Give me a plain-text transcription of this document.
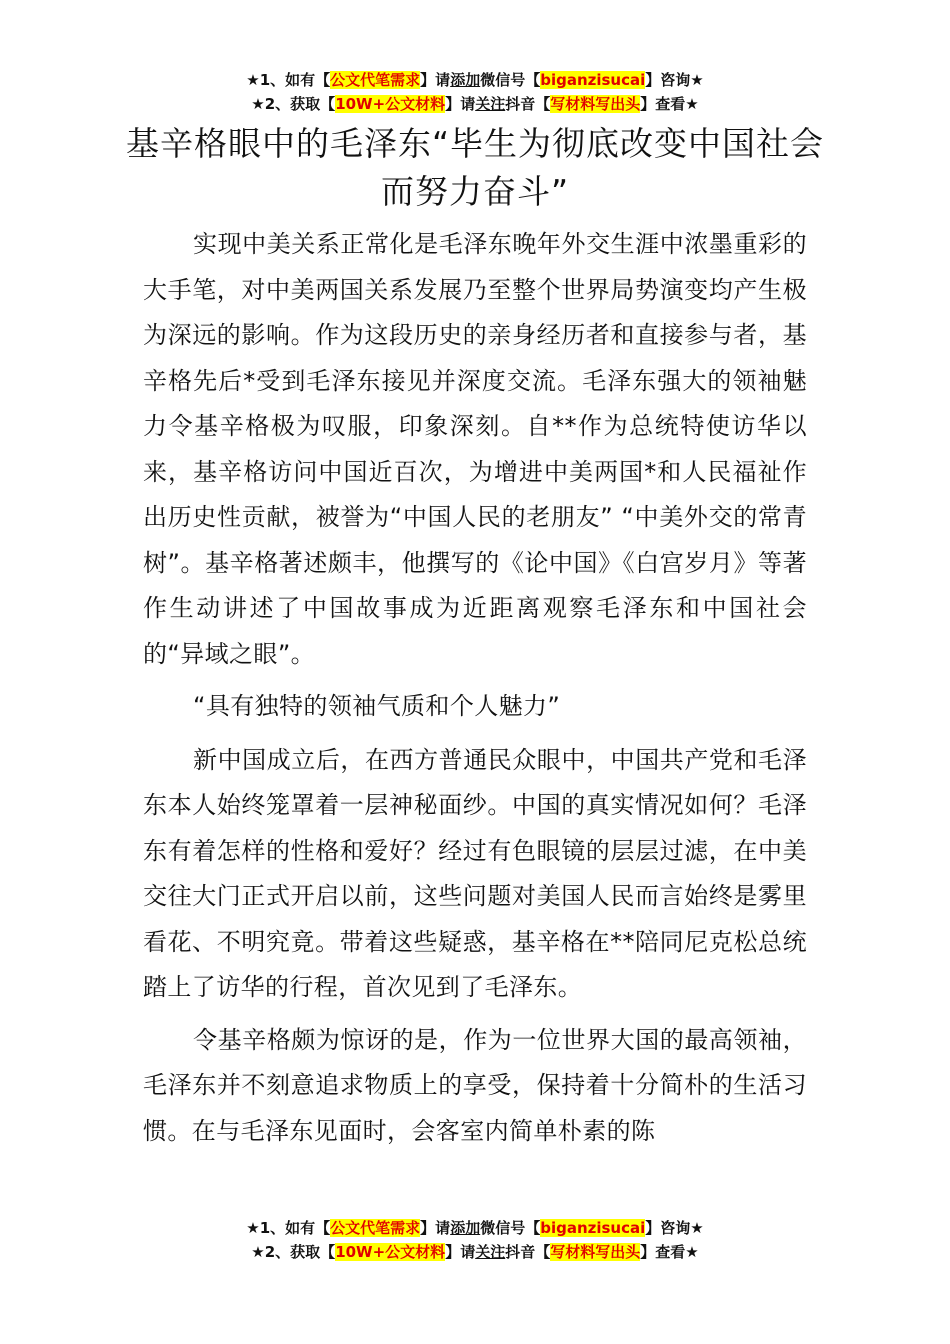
★1、如有【公文代笔需求】请添加微信号【biganzisucai】咨询★
★2、获取【10W+公文材料】请关注抖音【写材料写出头】查看★
基辛格眼中的毛泽东“毕生为彻底改变中国社会而努力奋斗”

实现中美关系正常化是毛泽东晚年外交生涯中浓墨重彩的大手笔，对中美两国关系发展乃至整个世界局势演变均产生极为深远的影响。作为这段历史的亲身经历者和直接参与者，基辛格先后*受到毛泽东接见并深度交流。毛泽东强大的领袖魅力令基辛格极为叹服，印象深刻。自**作为总统特使访华以来，基辛格访问中国近百次，为增进中美两国*和人民福祉作出历史性贡献，被誉为“中国人民的老朋友” “中美外交的常青树”。基辛格著述颇丰，他撰写的《论中国》《白宫岁月》等著作生动讲述了中国故事成为近距离观察毛泽东和中国社会的“异域之眼”。

“具有独特的领袖气质和个人魅力”

新中国成立后，在西方普通民众眼中，中国共产党和毛泽东本人始终笼罩着一层神秘面纱。中国的真实情况如何？毛泽东有着怎样的性格和爱好？经过有色眼镜的层层过滤，在中美交往大门正式开启以前，这些问题对美国人民而言始终是雾里看花、不明究竟。带着这些疑惑，基辛格在**陪同尼克松总统踏上了访华的行程，首次见到了毛泽东。

令基辛格颇为惊讶的是，作为一位世界大国的最高领袖，毛泽东并不刻意追求物质上的享受，保持着十分简朴的生活习惯。在与毛泽东见面时，会客室内简单朴素的陈

★1、如有【公文代笔需求】请添加微信号【biganzisucai】咨询★
★2、获取【10W+公文材料】请关注抖音【写材料写出头】查看★
